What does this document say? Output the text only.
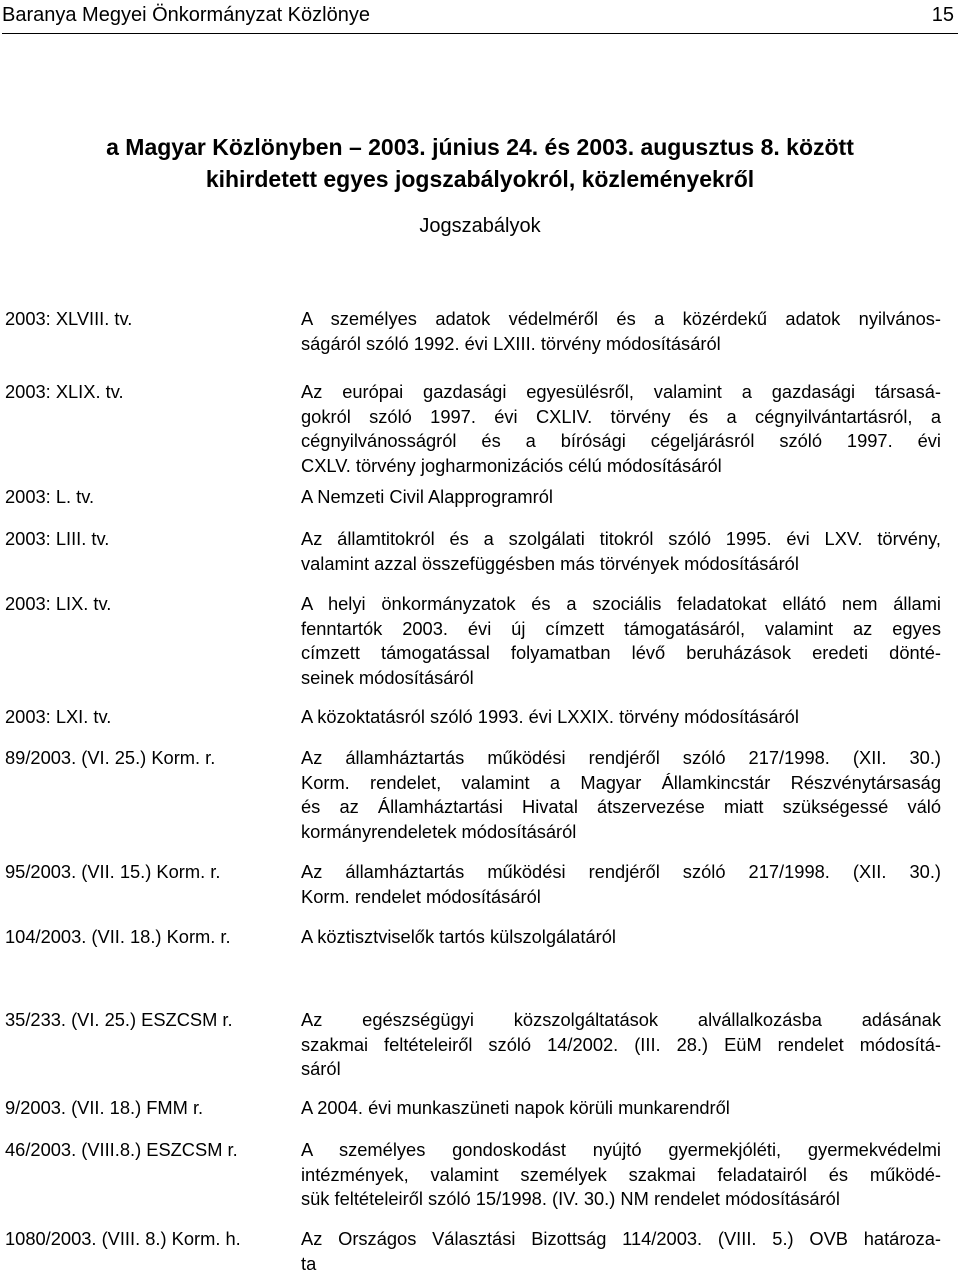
Baranya Megyei Önkormányzat Közlönye	15
a Magyar Közlönyben – 2003. június 24. és 2003. augusztus 8. között
kihirdetett egyes jogszabályokról, közleményekről
Jogszabályok
2003: XLVIII. tv.	A személyes adatok védelméről és a közérdekű adatok nyilvános-
ságáról szóló 1992. évi LXIII. törvény módosításáról
2003: XLIX. tv.	Az európai gazdasági egyesülésről, valamint a gazdasági társasá-
gokról szóló 1997. évi CXLIV. törvény és a cégnyilvántartásról, a
cégnyilvánosságról és a bírósági cégeljárásról szóló 1997. évi
CXLV. törvény jogharmonizációs célú módosításáról
2003: L. tv.	A Nemzeti Civil Alapprogramról
2003: LIII. tv.	Az államtitokról és a szolgálati titokról szóló 1995. évi LXV. törvény,
valamint azzal összefüggésben más törvények módosításáról
2003: LIX. tv.	A helyi önkormányzatok és a szociális feladatokat ellátó nem állami
fenntartók 2003. évi új címzett támogatásáról, valamint az egyes
címzett támogatással folyamatban lévő beruházások eredeti dönté-
seinek módosításáról
2003: LXI. tv.	A közoktatásról szóló 1993. évi LXXIX. törvény módosításáról
89/2003. (VI. 25.) Korm. r.	Az államháztartás működési rendjéről szóló 217/1998. (XII. 30.)
Korm. rendelet, valamint a Magyar Államkincstár Részvénytársaság
és az Államháztartási Hivatal átszervezése miatt szükségessé váló
kormányrendeletek módosításáról
95/2003. (VII. 15.) Korm. r.	Az államháztartás működési rendjéről szóló 217/1998. (XII. 30.)
Korm. rendelet módosításáról
104/2003. (VII. 18.) Korm. r.	A köztisztviselők tartós külszolgálatáról
35/233. (VI. 25.) ESZCSM r.	Az egészségügyi közszolgáltatások alvállalkozásba adásának
szakmai feltételeiről szóló 14/2002. (III. 28.) EüM rendelet módosítá-
sáról
9/2003. (VII. 18.) FMM r.	A 2004. évi munkaszüneti napok körüli munkarendről
46/2003. (VIII.8.) ESZCSM r.	A személyes gondoskodást nyújtó gyermekjóléti, gyermekvédelmi
intézmények, valamint személyek szakmai feladatairól és működé-
sük feltételeiről szóló 15/1998. (IV. 30.) NM rendelet módosításáról
1080/2003. (VIII. 8.) Korm. h.	Az Országos Választási Bizottság 114/2003. (VIII. 5.) OVB határoza-
ta
